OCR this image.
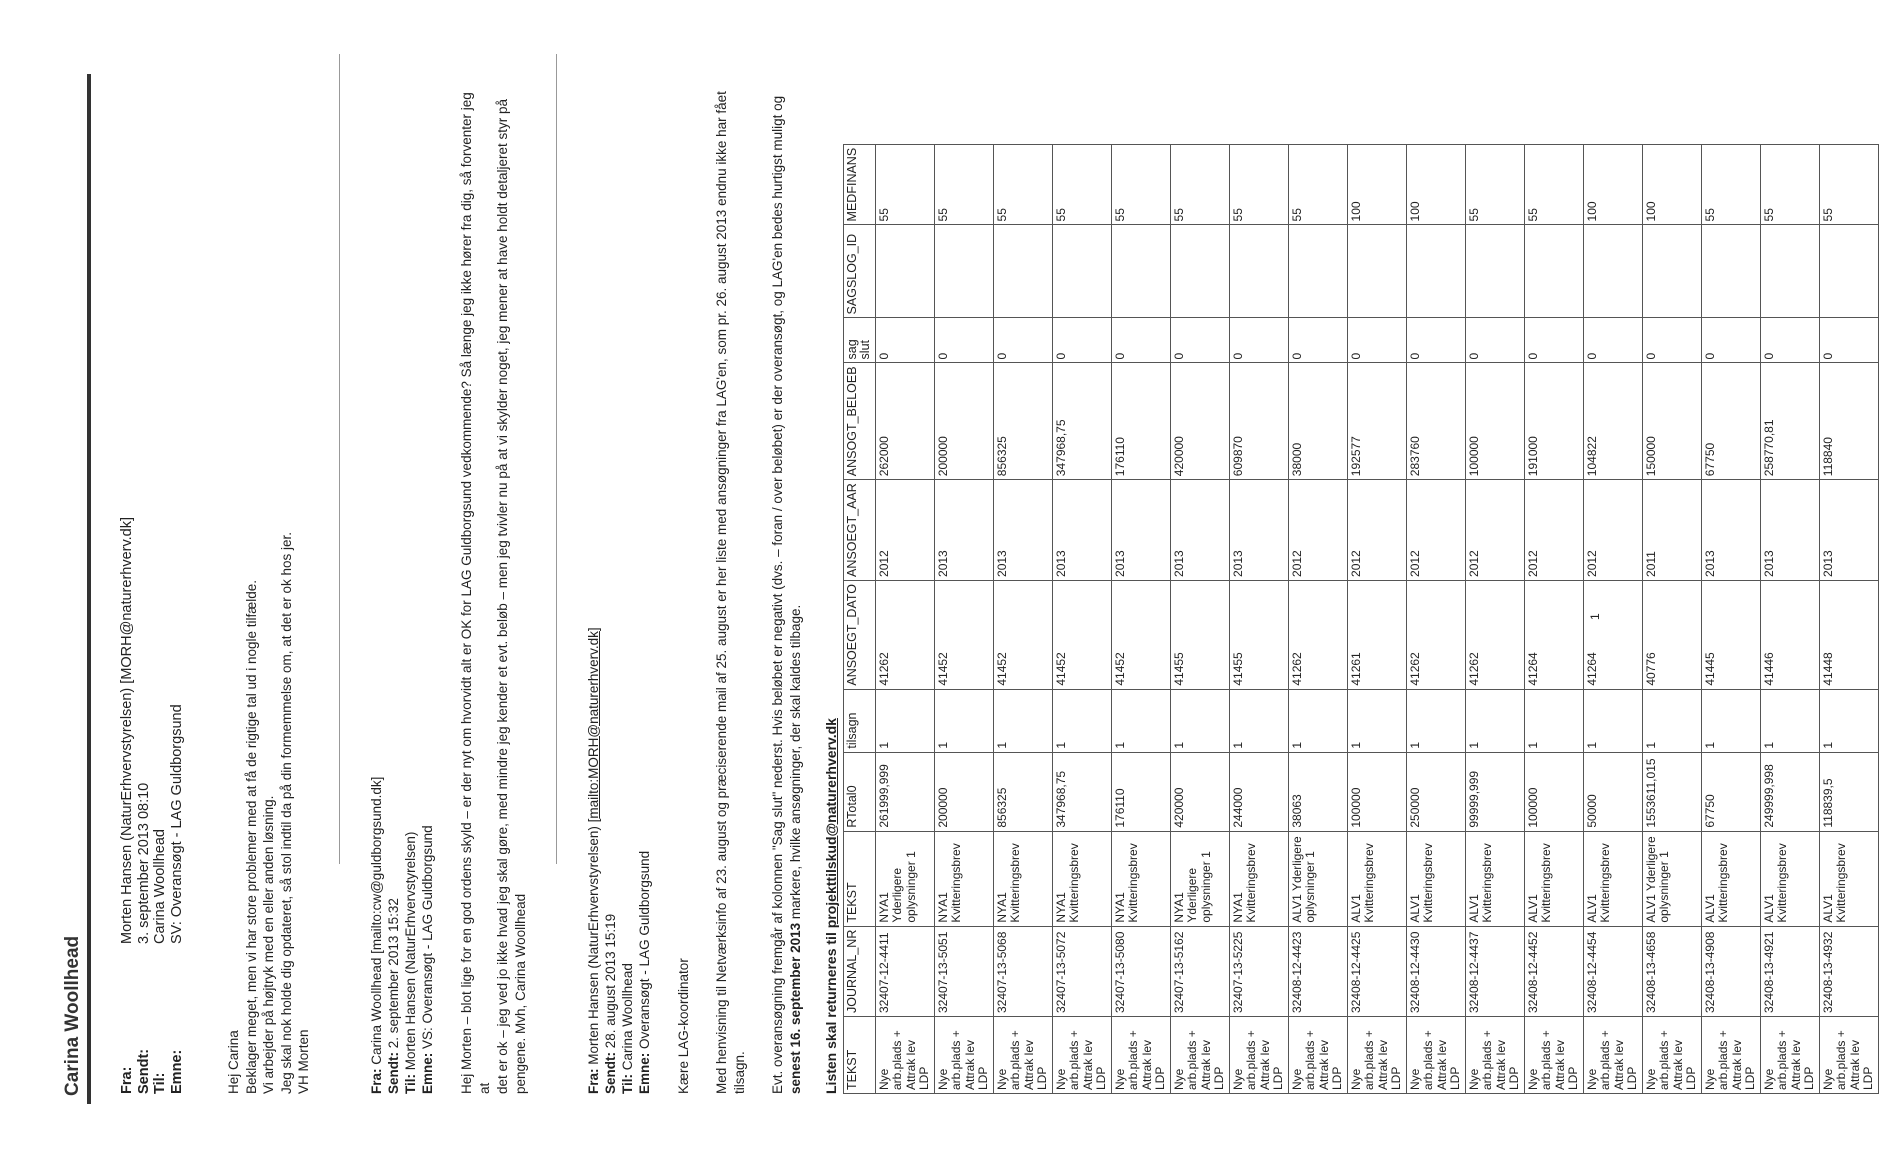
Carina Woollhead Fra:
Morten Hansen (NaturErhvervstyrelsen) [MORH@naturerhverv.dk]
Sendt:
3. september 2013 08:10
Til:
Carina Woollhead
Emne:
SV: Overansøgt - LAG Guldborgsund

Hej Carina Beklager meget, men vi har store problemer med at få de rigtige tal ud i nogle tilfælde. Vi arbejder på højtryk med en eller anden løsning. Jeg skal nok holde dig opdateret, så stol indtil da på din formemmelse om, at det er ok hos jer. VH Morten	Fra: Carina Woollhead [mailto:cw@guldborgsund.dk]
Sendt: 2. september 2013 15:32
Til: Morten Hansen (NaturErhvervstyrelsen)
Emne: VS: Overansøgt - LAG Guldborgsund Hej Morten – blot lige for en god ordens skyld – er der nyt om hvorvidt alt er OK for LAG Guldborgsund vedkommende? Så længe jeg ikke hører fra dig, så forventer jeg at det er ok – jeg ved jo ikke hvad jeg skal gøre, med mindre jeg kender et evt. beløb – men jeg tvivler nu på at vi skylder noget, jeg mener at have holdt detaljeret styr på pengene. Mvh, Carina Woollhead	Fra: Morten Hansen (NaturErhvervstyrelsen) [mailto:MORH@naturerhverv.dk]
Sendt: 28. august 2013 15:19
Til: Carina Woollhead
Emne: Overansøgt - LAG Guldborgsund Kære LAG-koordinator Med henvisning til Netværksinfo af 23. august og præciserende mail af 25. august er her liste med ansøgninger fra LAG'en, som pr. 26. august 2013 endnu ikke har fået tilsagn. Evt. overansøgning fremgår af kolonnen "Sag slut" nederst. Hvis beløbet er negativt (dvs. – foran / over beløbet) er der overansøgt, og LAG'en bedes hurtigst muligt og senest 16. september 2013 markere, hvilke ansøgninger, der skal kaldes tilbage.

Listen skal returneres til projekttilskud@naturerhverv.dk
TEKST	JOURNAL_NR	TEKST	RTotal0	tilsagn	ANSOEGT_DATO	ANSOEGT_AAR	ANSOGT_BELOEB	sag slut	SAGSLOG_ID	MEDFINANS
Nye arb.plads + Attrak lev LDP	32407-12-4411	NYA1 Yderligere oplysninger 1	261999,999	1	41262	2012	262000	0		55
Nye arb.plads + Attrak lev LDP	32407-13-5051	NYA1 Kvitteringsbrev	200000	1	41452	2013	200000	0		55
Nye arb.plads + Attrak lev LDP	32407-13-5068	NYA1 Kvitteringsbrev	856325	1	41452	2013	856325	0		55
Nye arb.plads + Attrak lev LDP	32407-13-5072	NYA1 Kvitteringsbrev	347968,75	1	41452	2013	347968,75	0		55
Nye arb.plads + Attrak lev LDP	32407-13-5080	NYA1 Kvitteringsbrev	176110	1	41452	2013	176110	0		55
Nye arb.plads + Attrak lev LDP	32407-13-5162	NYA1 Yderligere oplysninger 1	420000	1	41455	2013	420000	0		55
Nye arb.plads + Attrak lev LDP	32407-13-5225	NYA1 Kvitteringsbrev	244000	1	41455	2013	609870	0		55
Nye arb.plads + Attrak lev LDP	32408-12-4423	ALV1 Yderligere oplysninger 1	38063	1	41262	2012	38000	0		55
Nye arb.plads + Attrak lev LDP	32408-12-4425	ALV1 Kvitteringsbrev	100000	1	41261	2012	192577	0		100
Nye arb.plads + Attrak lev LDP	32408-12-4430	ALV1 Kvitteringsbrev	250000	1	41262	2012	283760	0		100
Nye arb.plads + Attrak lev LDP	32408-12-4437	ALV1 Kvitteringsbrev	99999,999	1	41262	2012	100000	0		55
Nye arb.plads + Attrak lev LDP	32408-12-4452	ALV1 Kvitteringsbrev	100000	1	41264	2012	191000	0		55
Nye arb.plads + Attrak lev LDP	32408-12-4454	ALV1 Kvitteringsbrev	50000	1	41264	2012	104822	0		100
Nye arb.plads + Attrak lev LDP	32408-13-4658	ALV1 Yderligere oplysninger 1	1553611,015	1	40776	2011	150000	0		100
Nye arb.plads + Attrak lev LDP	32408-13-4908	ALV1 Kvitteringsbrev	67750	1	41445	2013	67750	0		55
Nye arb.plads + Attrak lev LDP	32408-13-4921	ALV1 Kvitteringsbrev	249999,998	1	41446	2013	258770,81	0		55
Nye arb.plads + Attrak lev LDP	32408-13-4932	ALV1 Kvitteringsbrev	118839,5	1	41448	2013	118840	0		55
1
